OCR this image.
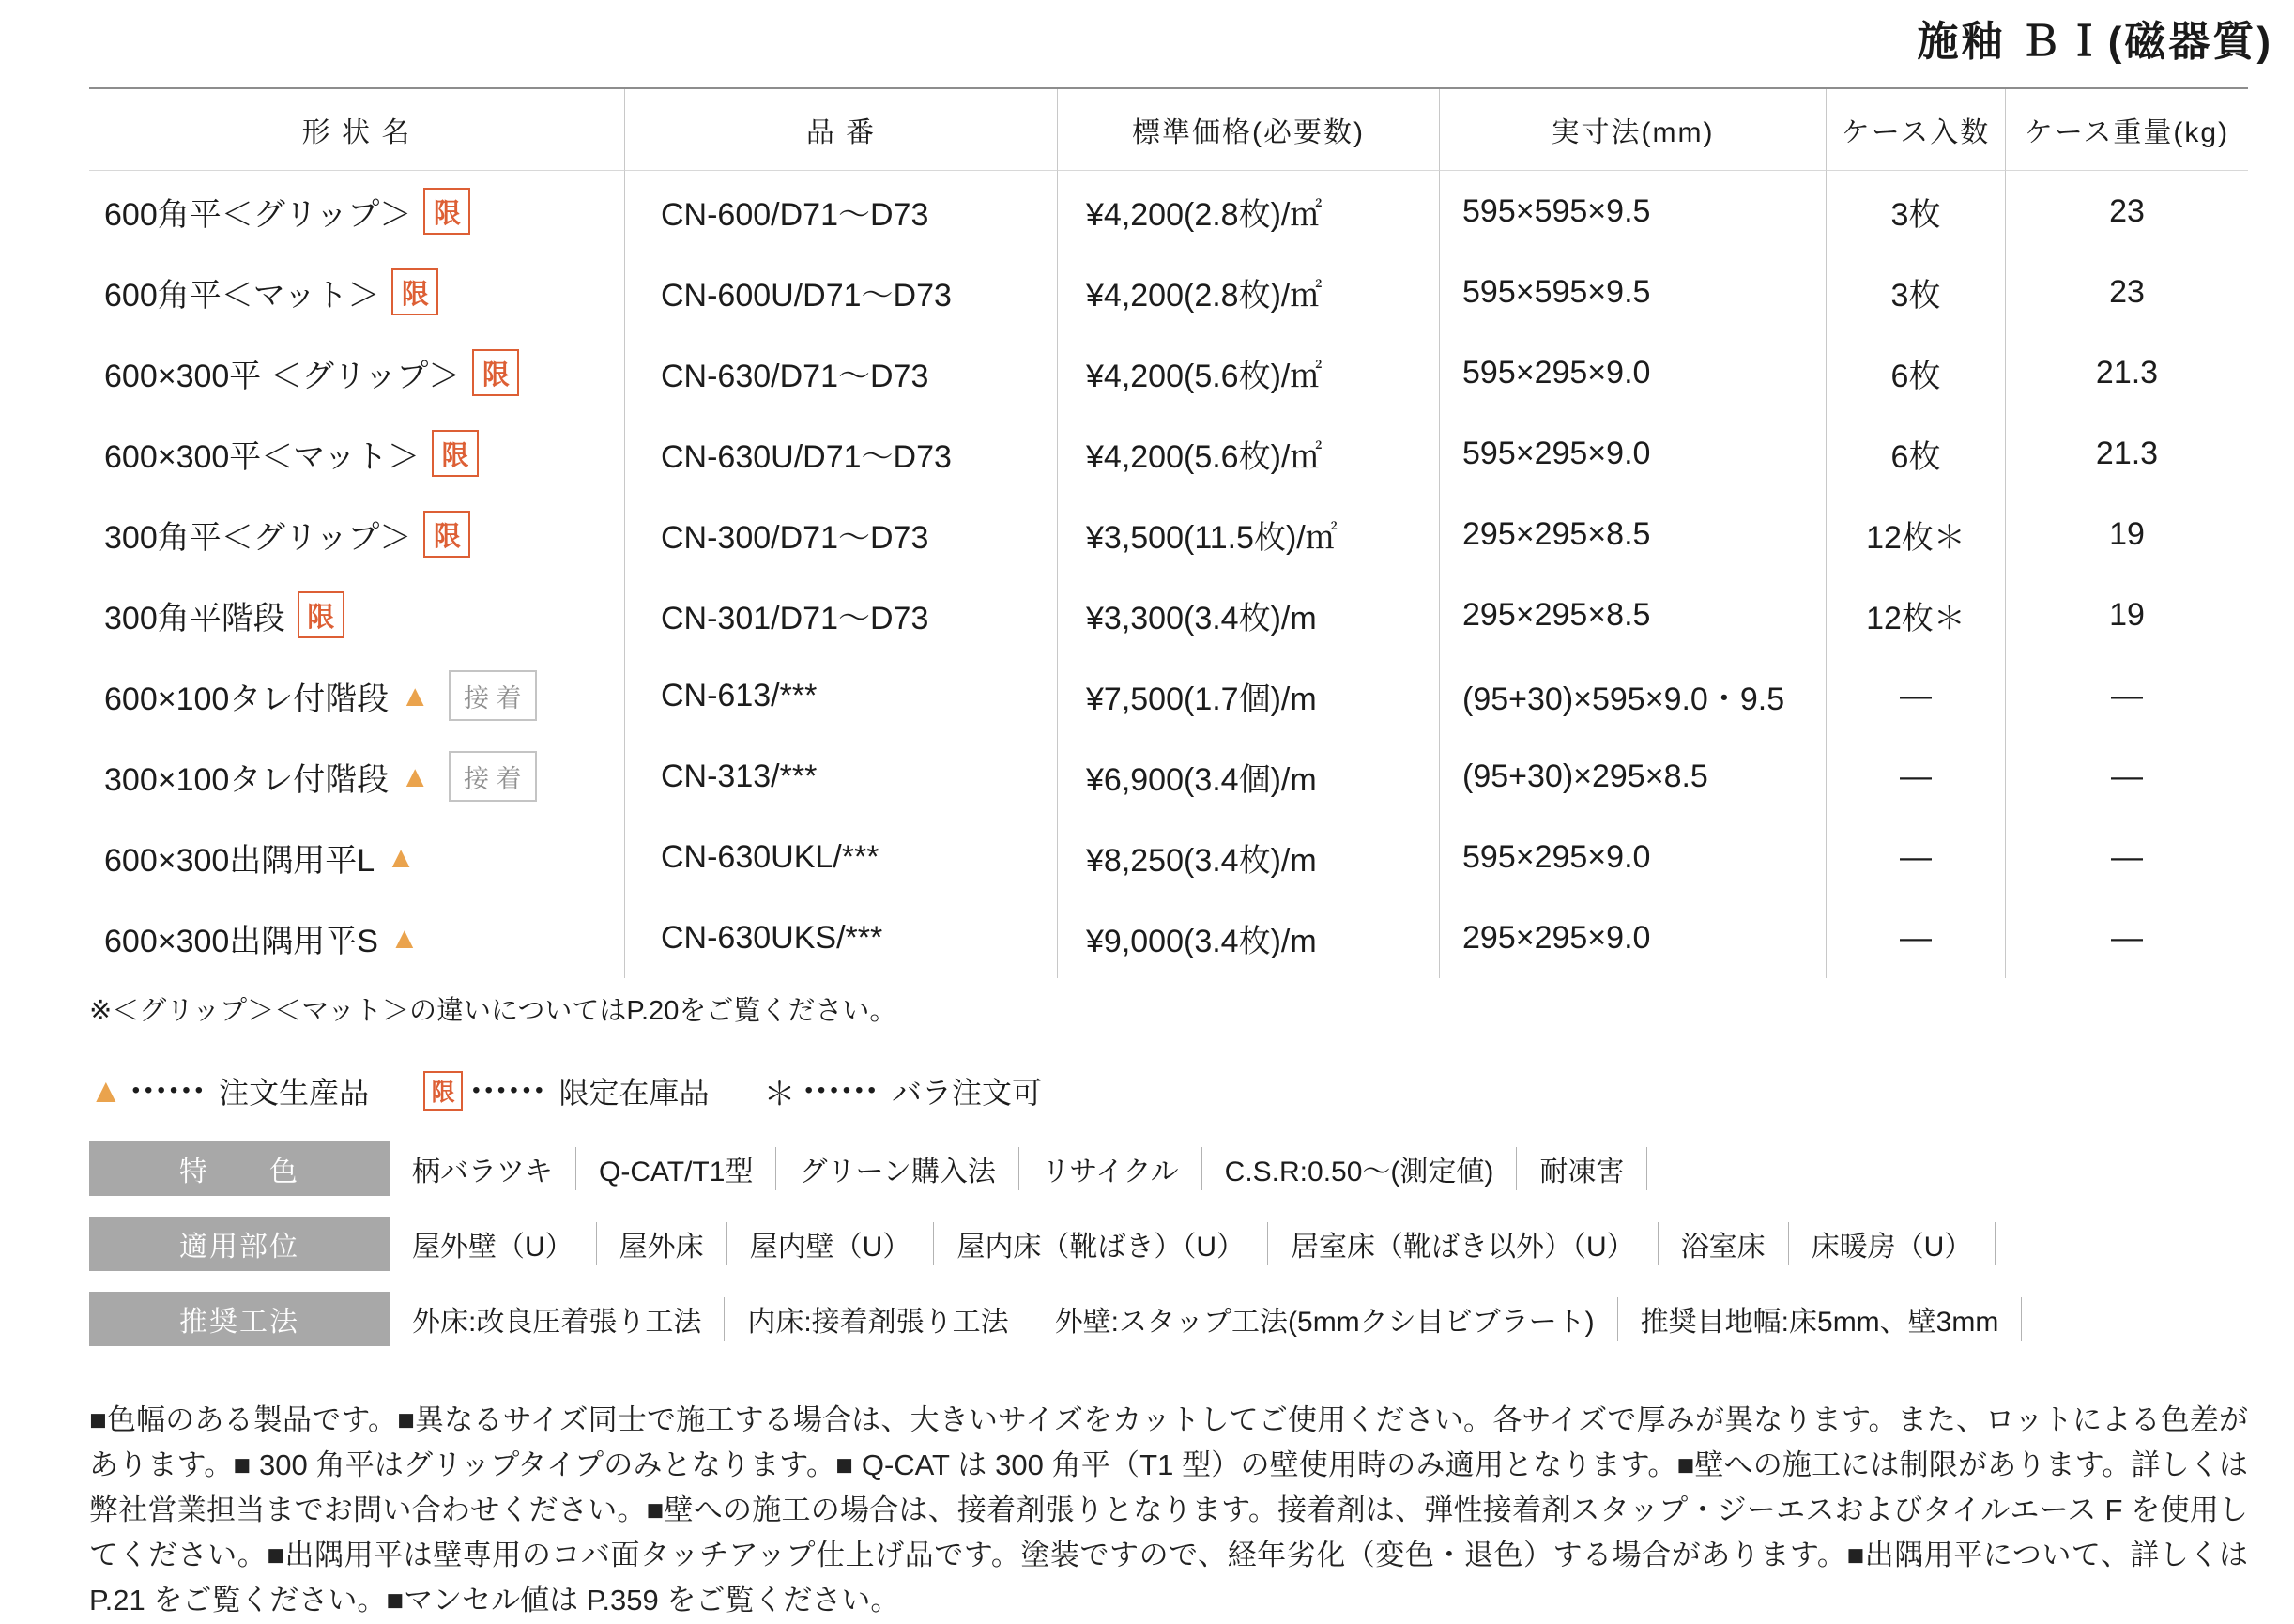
施釉 ＢＩ(磁器質)
形 状 名	品 番	標準価格(必要数)	実寸法(mm)	ケース入数	ケース重量(kg)
600角平＜グリップ＞ 限	CN-600/D71～D73	¥4,200(2.8枚)/㎡	595×595×9.5	3枚	23
600角平＜マット＞ 限	CN-600U/D71～D73	¥4,200(2.8枚)/㎡	595×595×9.5	3枚	23
600×300平 ＜グリップ＞ 限	CN-630/D71～D73	¥4,200(5.6枚)/㎡	595×295×9.0	6枚	21.3
600×300平＜マット＞ 限	CN-630U/D71～D73	¥4,200(5.6枚)/㎡	595×295×9.0	6枚	21.3
300角平＜グリップ＞ 限	CN-300/D71～D73	¥3,500(11.5枚)/㎡	295×295×8.5	12枚＊	19
300角平階段 限	CN-301/D71～D73	¥3,300(3.4枚)/m	295×295×8.5	12枚＊	19
600×100タレ付階段 ▲	接 着	CN-613/***	¥7,500(1.7個)/m	(95+30)×595×9.0・9.5	—	—
300×100タレ付階段 ▲	接 着	CN-313/***	¥6,900(3.4個)/m	(95+30)×295×8.5	—	—
600×300出隅用平L ▲	CN-630UKL/***	¥8,250(3.4枚)/m	595×295×9.0	—	—
600×300出隅用平S ▲	CN-630UKS/***	¥9,000(3.4枚)/m	295×295×9.0	—	—
※＜グリップ＞＜マット＞の違いについてはP.20をご覧ください。
▲ •••••• 注文生産品	限 •••••• 限定在庫品 ＊ •••••• バラ注文可
特　　色	柄バラツキ	Q-CAT/T1型	グリーン購入法	リサイクル	C.S.R:0.50～(測定値)	耐凍害
適用部位	屋外壁（U）	屋外床	屋内壁（U）	屋内床（靴ばき）（U）	居室床（靴ばき以外）（U）	浴室床	床暖房（U）
推奨工法	外床:改良圧着張り工法	内床:接着剤張り工法	外壁:スタップ工法(5mmクシ目ビブラート)	推奨目地幅:床5mm、壁3mm
■色幅のある製品です。■異なるサイズ同士で施工する場合は、大きいサイズをカットしてご使用ください。各サイズで厚みが異なります。また、ロットによる色差があります。■ 300 角平はグリップタイプのみとなります。■ Q-CAT は 300 角平（T1 型）の壁使用時のみ適用となります。■壁への施工には制限があります。詳しくは弊社営業担当までお問い合わせください。■壁への施工の場合は、接着剤張りとなります。接着剤は、弾性接着剤スタップ・ジーエスおよびタイルエース F を使用してください。■出隅用平は壁専用のコバ面タッチアップ仕上げ品です。塗装ですので、経年劣化（変色・退色）する場合があります。■出隅用平について、詳しくは P.21 をご覧ください。■マンセル値は P.359 をご覧ください。
